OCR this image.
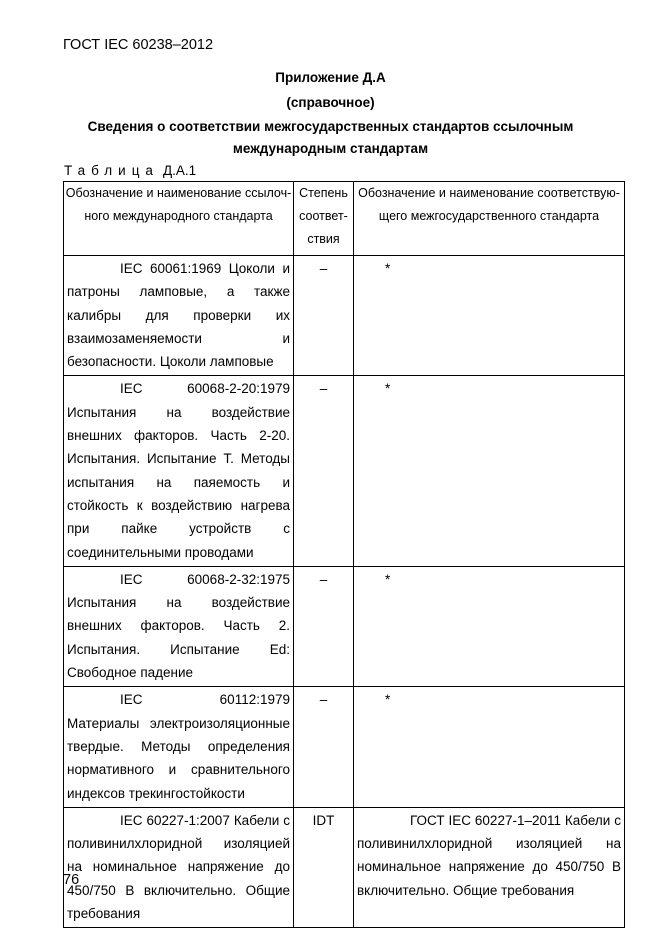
ГОСТ IEC 60238–2012
Приложение Д.А
(справочное)
Сведения о соответствии межгосударственных стандартов ссылочным
международным стандартам
Таблица Д.А.1
Обозначение и наименование ссылоч-ного международного стандарта	Степень соответ-ствия	Обозначение и наименование соответствую-щего межгосударственного стандарта
IEC 60061:1969 Цоколи и патроны ламповые, а также калибры для проверки их взаимозаменяемости и безопасности. Цоколи ламповые	–	*
IEC 60068-2-20:1979 Испытания на воздействие внешних факторов. Часть 2-20. Испытания. Испытание Т. Методы испытания на паяемость и стойкость к воздействию нагрева при пайке устройств с соединительными проводами	–	*
IEC 60068-2-32:1975 Испытания на воздействие внешних факторов. Часть 2. Испытания. Испытание Ed: Свободное падение	–	*
IEC 60112:1979 Материалы электроизоляционные твердые. Методы определения нормативного и сравнительного индексов трекингостойкости	–	*
IEC 60227-1:2007 Кабели с поливинилхлоридной изоляцией на номинальное напряжение до 450/750 В включительно. Общие требования	IDT	ГОСТ IEC 60227-1–2011 Кабели с поливинилхлоридной изоляцией на номинальное напряжение до 450/750 В включительно. Общие требования
76
